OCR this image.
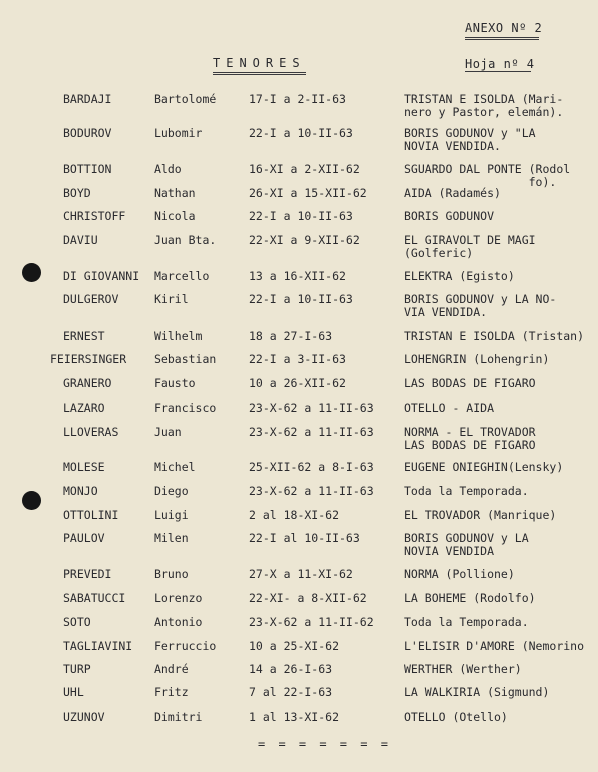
ANEXO Nº 2
TENORES	Hoja nº 4
BARDAJI	Bartolomé	17-I a 2-II-63	TRISTAN E ISOLDA (Mari-
nero y Pastor, elemán).
BODUROV	Lubomir	22-I a 10-II-63	BORIS GODUNOV y "LA
NOVIA VENDIDA.
BOTTION	Aldo	16-XI a 2-XII-62	SGUARDO DAL PONTE (Rodol
fo).
BOYD	Nathan	26-XI a 15-XII-62	AIDA (Radamés)
CHRISTOFF Nicola	22-I a 10-II-63	BORIS GODUNOV
DAVIU	Juan Bta.	22-XI a 9-XII-62	EL GIRAVOLT DE MAGI
(Golferic)
DI GIOVANNI Marcello	13 a 16-XII-62	ELEKTRA (Egisto)
DULGEROV	Kiril	22-I a 10-II-63	BORIS GODUNOV y LA NO-
VIA VENDIDA.
ERNEST	Wilhelm	18 a 27-I-63	TRISTAN E ISOLDA (Tristan)
FEIERSINGER Sebastian	22-I a 3-II-63	LOHENGRIN (Lohengrin)
GRANERO	Fausto	10 a 26-XII-62	LAS BODAS DE FIGARO
LAZARO	Francisco	23-X-62 a 11-II-63	OTELLO - AIDA
LLOVERAS	Juan	23-X-62 a 11-II-63	NORMA - EL TROVADOR
LAS BODAS DE FIGARO
MOLESE	Michel	25-XII-62 a 8-I-63	EUGENE ONIEGHIN(Lensky)
MONJO	Diego	23-X-62 a 11-II-63	Toda la Temporada.
OTTOLINI	Luigi	2 al 18-XI-62	EL TROVADOR (Manrique)
PAULOV	Milen	22-I al 10-II-63	BORIS GODUNOV y LA
NOVIA VENDIDA
PREVEDI	Bruno	27-X a 11-XI-62	NORMA (Pollione)
SABATUCCI Lorenzo	22-XI- a 8-XII-62	LA BOHEME (Rodolfo)
SOTO	Antonio	23-X-62 a 11-II-62	Toda la Temporada.
TAGLIAVINI Ferruccio	10 a 25-XI-62	L'ELISIR D'AMORE (Nemorino
TURP	André	14 a 26-I-63	WERTHER (Werther)
UHL	Fritz	7 al 22-I-63	LA WALKIRIA (Sigmund)
UZUNOV	Dimitri	1 al 13-XI-62	OTELLO (Otello)
= = = = = = =
